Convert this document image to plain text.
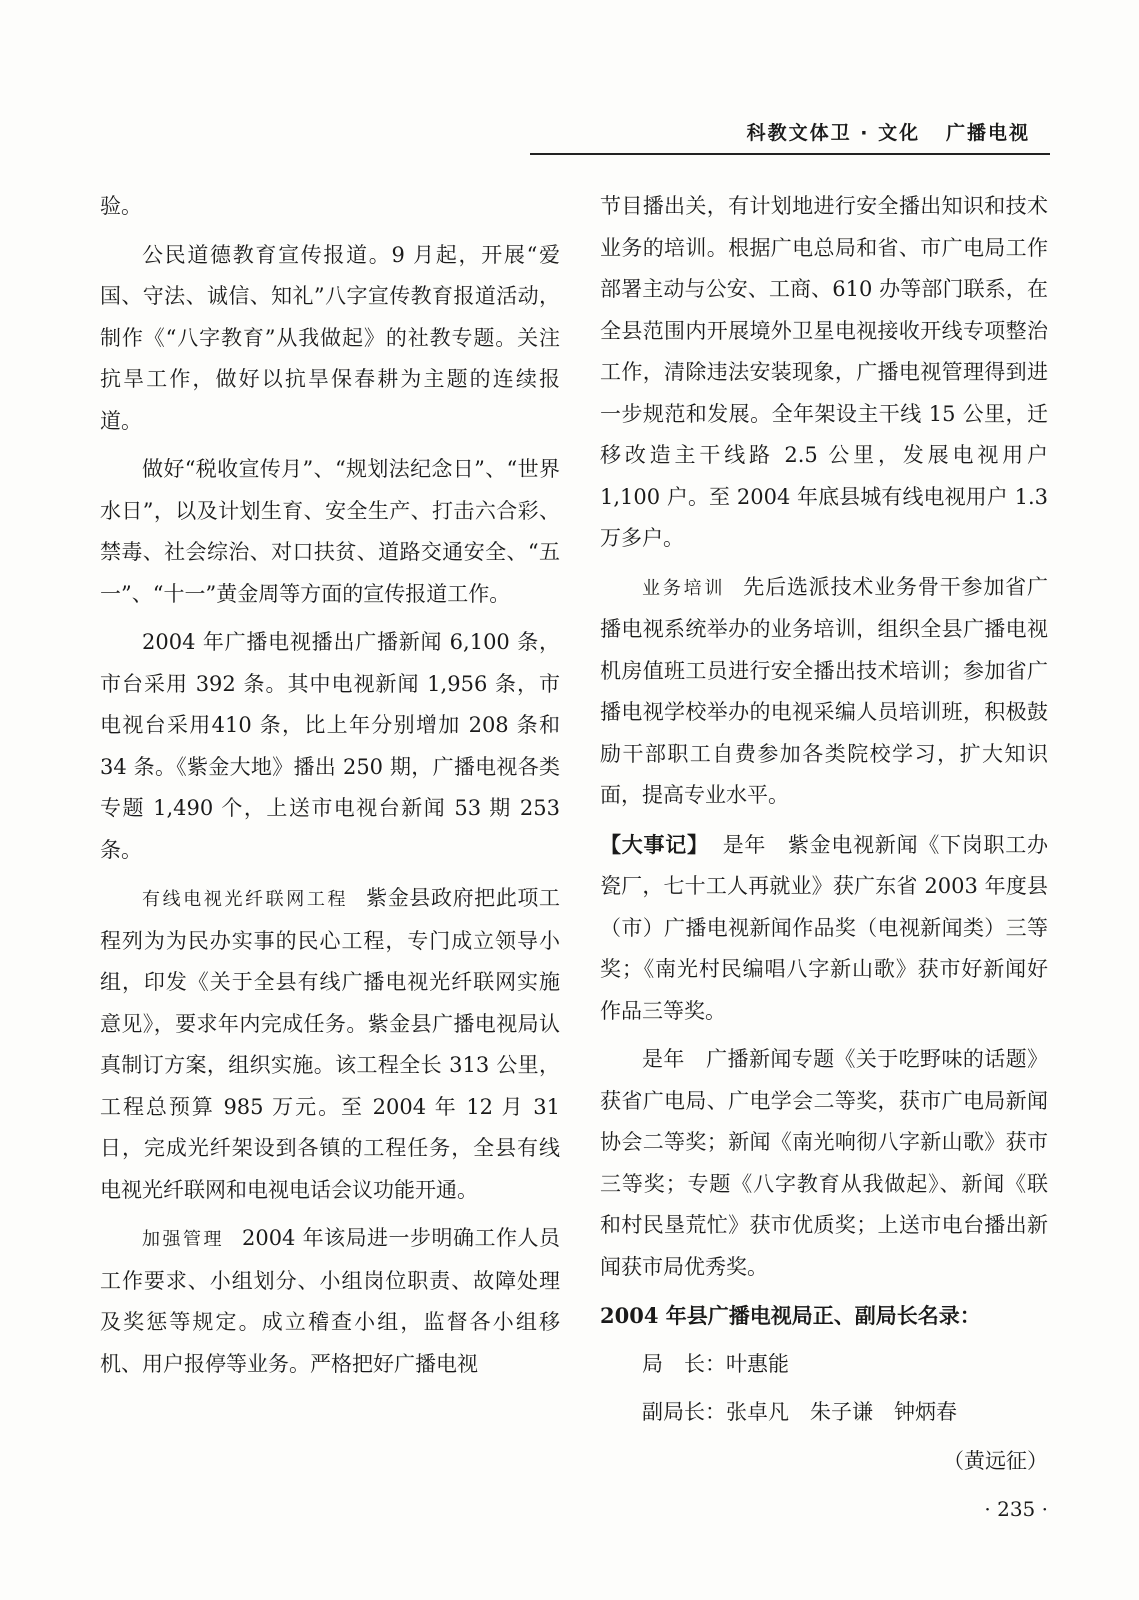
科教文体卫 · 文化 广播电视

验。

公民道德教育宣传报道。9 月起，开展“爱国、守法、诚信、知礼”八字宣传教育报道活动，制作《“八字教育”从我做起》的社教专题。关注抗旱工作，做好以抗旱保春耕为主题的连续报道。

做好“税收宣传月”、“规划法纪念日”、“世界水日”，以及计划生育、安全生产、打击六合彩、禁毒、社会综治、对口扶贫、道路交通安全、“五一”、“十一”黄金周等方面的宣传报道工作。

2004 年广播电视播出广播新闻 6,100 条，市台采用 392 条。其中电视新闻 1,956 条，市电视台采用410 条，比上年分别增加 208 条和 34 条。《紫金大地》播出 250 期，广播电视各类专题 1,490 个，上送市电视台新闻 53 期 253 条。

有线电视光纤联网工程 紫金县政府把此项工程列为为民办实事的民心工程，专门成立领导小组，印发《关于全县有线广播电视光纤联网实施意见》，要求年内完成任务。紫金县广播电视局认真制订方案，组织实施。该工程全长 313 公里，工程总预算 985 万元。至 2004 年 12 月 31 日，完成光纤架设到各镇的工程任务，全县有线电视光纤联网和电视电话会议功能开通。

加强管理 2004 年该局进一步明确工作人员工作要求、小组划分、小组岗位职责、故障处理及奖惩等规定。成立稽查小组，监督各小组移机、用户报停等业务。严格把好广播电视

节目播出关，有计划地进行安全播出知识和技术业务的培训。根据广电总局和省、市广电局工作部署主动与公安、工商、610 办等部门联系，在全县范围内开展境外卫星电视接收开线专项整治工作，清除违法安装现象，广播电视管理得到进一步规范和发展。全年架设主干线 15 公里，迁移改造主干线路 2.5 公里，发展电视用户 1,100 户。至 2004 年底县城有线电视用户 1.3 万多户。

业务培训 先后选派技术业务骨干参加省广播电视系统举办的业务培训，组织全县广播电视机房值班工员进行安全播出技术培训；参加省广播电视学校举办的电视采编人员培训班，积极鼓励干部职工自费参加各类院校学习，扩大知识面，提高专业水平。

【大事记】 是年　紫金电视新闻《下岗职工办瓷厂，七十工人再就业》获广东省 2003 年度县（市）广播电视新闻作品奖（电视新闻类）三等奖；《南光村民编唱八字新山歌》获市好新闻好作品三等奖。

是年　广播新闻专题《关于吃野味的话题》获省广电局、广电学会二等奖，获市广电局新闻协会二等奖；新闻《南光响彻八字新山歌》获市三等奖；专题《八字教育从我做起》、新闻《联和村民垦荒忙》获市优质奖；上送市电台播出新闻获市局优秀奖。

2004 年县广播电视局正、副局长名录：

局　长：叶惠能

副局长：张卓凡　朱子谦　钟炳春

（黄远征）

· 235 ·
